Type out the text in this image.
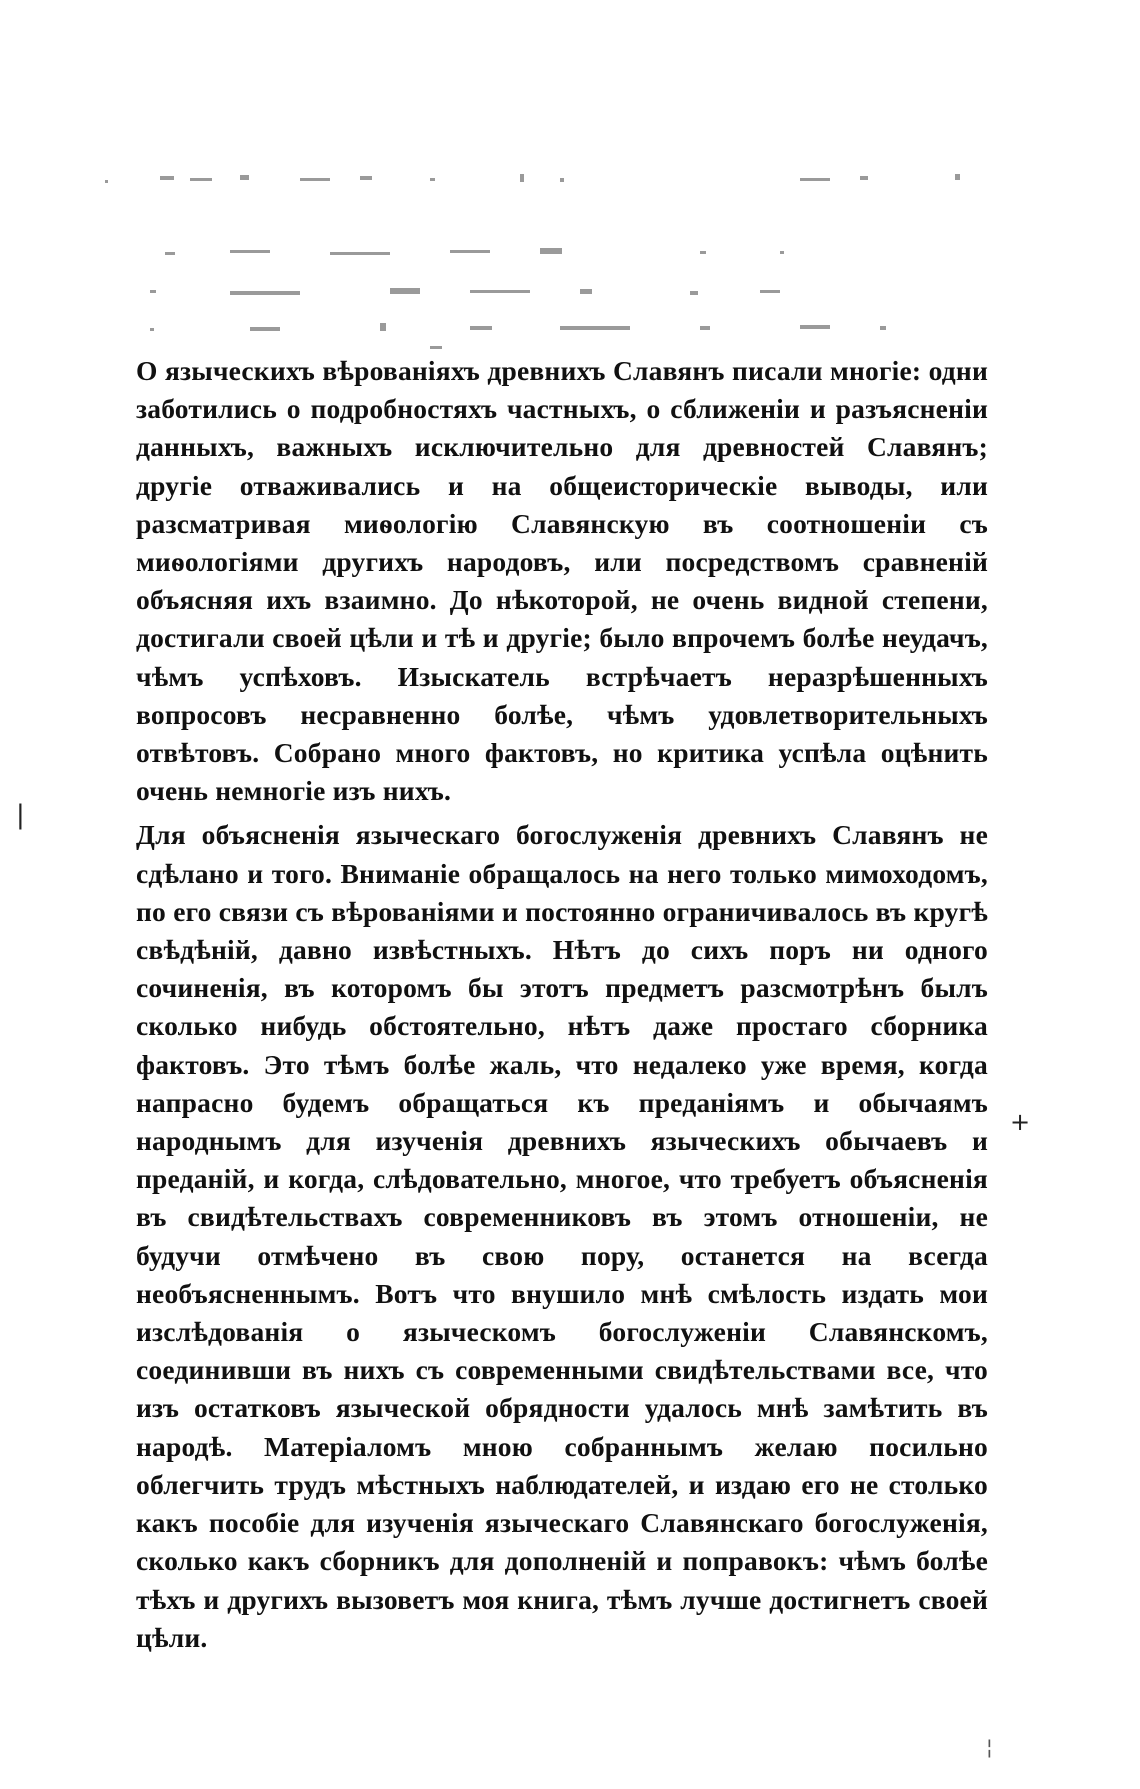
|
+
¦

О языческихъ вѣрованіяхъ древнихъ Славянъ писали многіе: одни заботились о подробностяхъ частныхъ, о сближеніи и разъясненіи данныхъ, важныхъ исключительно для древностей Славянъ; другіе отваживались и на общеисторическіе выводы, или разсматривая миѳологію Славянскую въ соотношеніи съ миѳологіями другихъ народовъ, или посредствомъ сравненій объясняя ихъ взаимно. До нѣкоторой, не очень видной степени, достигали своей цѣли и тѣ и другіе; было впрочемъ болѣе неудачъ, чѣмъ успѣховъ. Изыскатель встрѣчаетъ неразрѣшенныхъ вопросовъ несравненно болѣе, чѣмъ удовлетворительныхъ отвѣтовъ. Собрано много фактовъ, но критика успѣла оцѣнить очень немногіе изъ нихъ.

Для объясненія языческаго богослуженія древнихъ Славянъ не сдѣлано и того. Вниманіе обращалось на него только мимоходомъ, по его связи съ вѣрованіями и постоянно ограничивалось въ кругѣ свѣдѣній, давно извѣстныхъ. Нѣтъ до сихъ поръ ни одного сочиненія, въ которомъ бы этотъ предметъ разсмотрѣнъ былъ сколько нибудь обстоятельно, нѣтъ даже простаго сборника фактовъ. Это тѣмъ болѣе жаль, что недалеко уже время, когда напрасно будемъ обращаться къ преданіямъ и обычаямъ народнымъ для изученія древнихъ языческихъ обычаевъ и преданій, и когда, слѣдовательно, многое, что требуетъ объясненія въ свидѣтельствахъ современниковъ въ этомъ отношеніи, не будучи отмѣчено въ свою пору, останется на всегда необъясненнымъ. Вотъ что внушило мнѣ смѣлость издать мои изслѣдованія о языческомъ богослуженіи Славянскомъ, соединивши въ нихъ съ современными свидѣтельствами все, что изъ остатковъ языческой обрядности удалось мнѣ замѣтить въ народѣ. Матеріаломъ мною собраннымъ желаю посильно облегчить трудъ мѣстныхъ наблюдателей, и издаю его не столько какъ пособіе для изученія языческаго Славянскаго богослуженія, сколько какъ сборникъ для дополненій и поправокъ: чѣмъ болѣе тѣхъ и другихъ вызоветъ моя книга, тѣмъ лучше достигнетъ своей цѣли.
